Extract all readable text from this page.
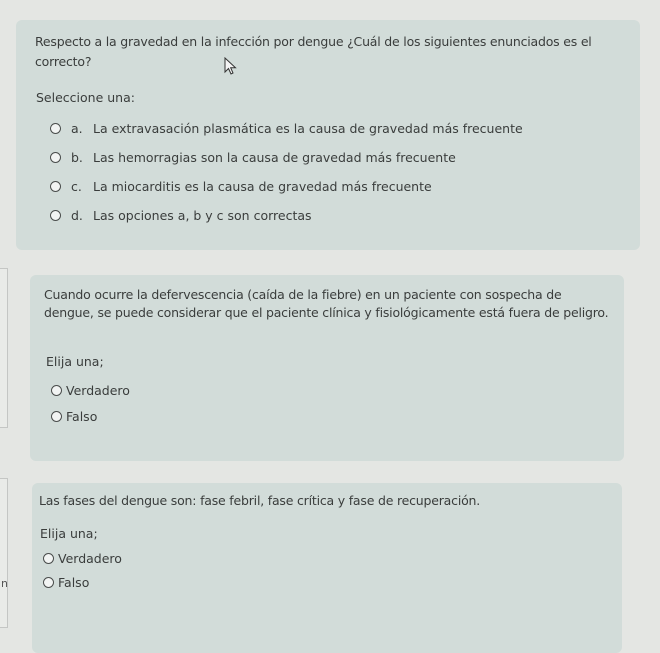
n
Respecto a la gravedad en la infección por dengue ¿Cuál de los siguientes enunciados es el correcto?
Seleccione una:
a. La extravasación plasmática es la causa de gravedad más frecuente
b. Las hemorragias son la causa de gravedad más frecuente
c. La miocarditis es la causa de gravedad más frecuente
d. Las opciones a, b y c son correctas
Cuando ocurre la defervescencia (caída de la fiebre) en un paciente con sospecha de dengue, se puede considerar que el paciente clínica y fisiológicamente está fuera de peligro.
Elija una;
Verdadero
Falso
Las fases del dengue son: fase febril, fase crítica y fase de recuperación.
Elija una;
Verdadero
Falso
